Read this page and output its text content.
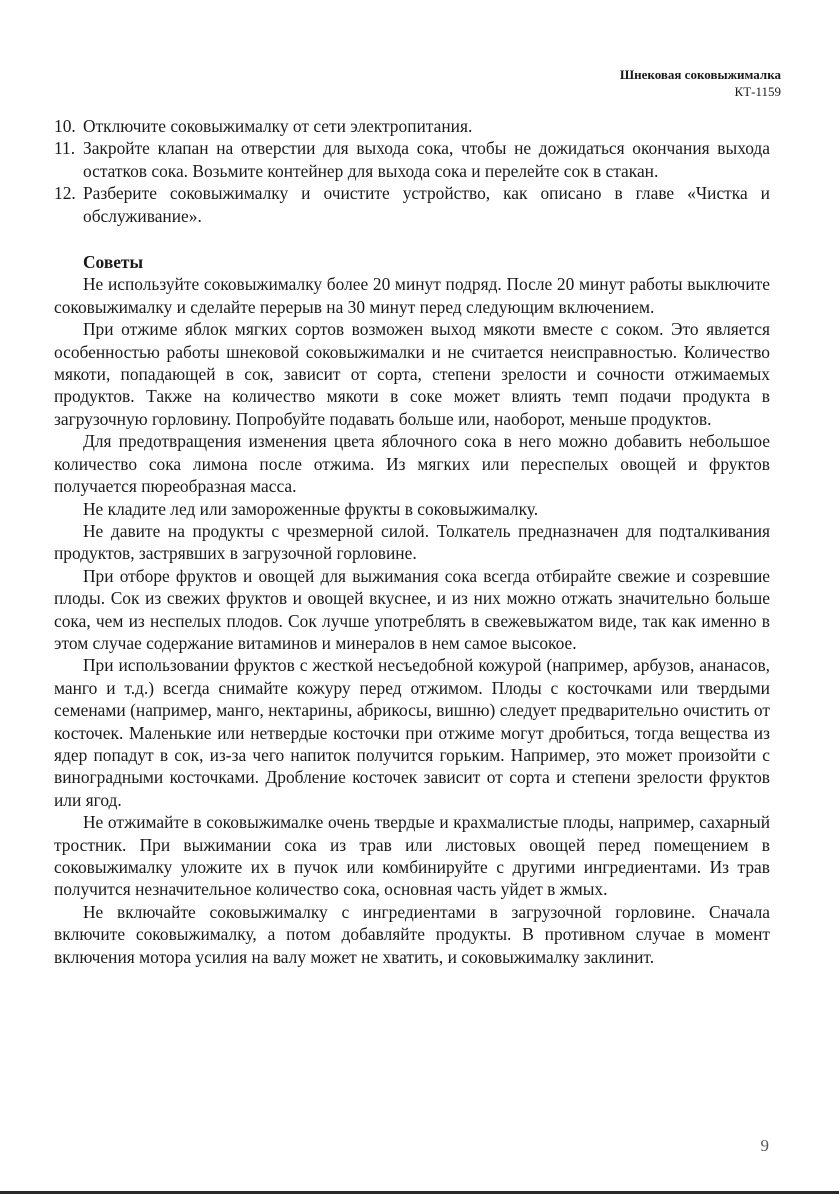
Шнековая соковыжималка
КТ-1159
10. Отключите соковыжималку от сети электропитания.
11. Закройте клапан на отверстии для выхода сока, чтобы не дожидаться окончания выхода остатков сока. Возьмите контейнер для выхода сока и перелейте сок в стакан.
12. Разберите соковыжималку и очистите устройство, как описано в главе «Чистка и обслуживание».
Советы

Не используйте соковыжималку более 20 минут подряд. После 20 минут работы выключите соковыжималку и сделайте перерыв на 30 минут перед следующим включением.

При отжиме яблок мягких сортов возможен выход мякоти вместе с соком. Это является особенностью работы шнековой соковыжималки и не считается неисправностью. Количество мякоти, попадающей в сок, зависит от сорта, степени зрелости и сочности отжимаемых продуктов. Также на количество мякоти в соке может влиять темп подачи продукта в загрузочную горловину. Попробуйте подавать больше или, наоборот, меньше продуктов.

Для предотвращения изменения цвета яблочного сока в него можно добавить небольшое количество сока лимона после отжима. Из мягких или переспелых овощей и фруктов получается пюреобразная масса.

Не кладите лед или замороженные фрукты в соковыжималку.

Не давите на продукты с чрезмерной силой. Толкатель предназначен для подталкивания продуктов, застрявших в загрузочной горловине.

При отборе фруктов и овощей для выжимания сока всегда отбирайте свежие и созревшие плоды. Сок из свежих фруктов и овощей вкуснее, и из них можно отжать значительно больше сока, чем из неспелых плодов. Сок лучше употреблять в свежевыжатом виде, так как именно в этом случае содержание витаминов и минералов в нем самое высокое.

При использовании фруктов с жесткой несъедобной кожурой (например, арбузов, ананасов, манго и т.д.) всегда снимайте кожуру перед отжимом. Плоды с косточками или твердыми семенами (например, манго, нектарины, абрикосы, вишню) следует предварительно очистить от косточек. Маленькие или нетвердые косточки при отжиме могут дробиться, тогда вещества из ядер попадут в сок, из-за чего напиток получится горьким. Например, это может произойти с виноградными косточками. Дробление косточек зависит от сорта и степени зрелости фруктов или ягод.

Не отжимайте в соковыжималке очень твердые и крахмалистые плоды, например, сахарный тростник. При выжимании сока из трав или листовых овощей перед помещением в соковыжималку уложите их в пучок или комбинируйте с другими ингредиентами. Из трав получится незначительное количество сока, основная часть уйдет в жмых.

Не включайте соковыжималку с ингредиентами в загрузочной горловине. Сначала включите соковыжималку, а потом добавляйте продукты. В противном случае в момент включения мотора усилия на валу может не хватить, и соковыжималку заклинит.

9
